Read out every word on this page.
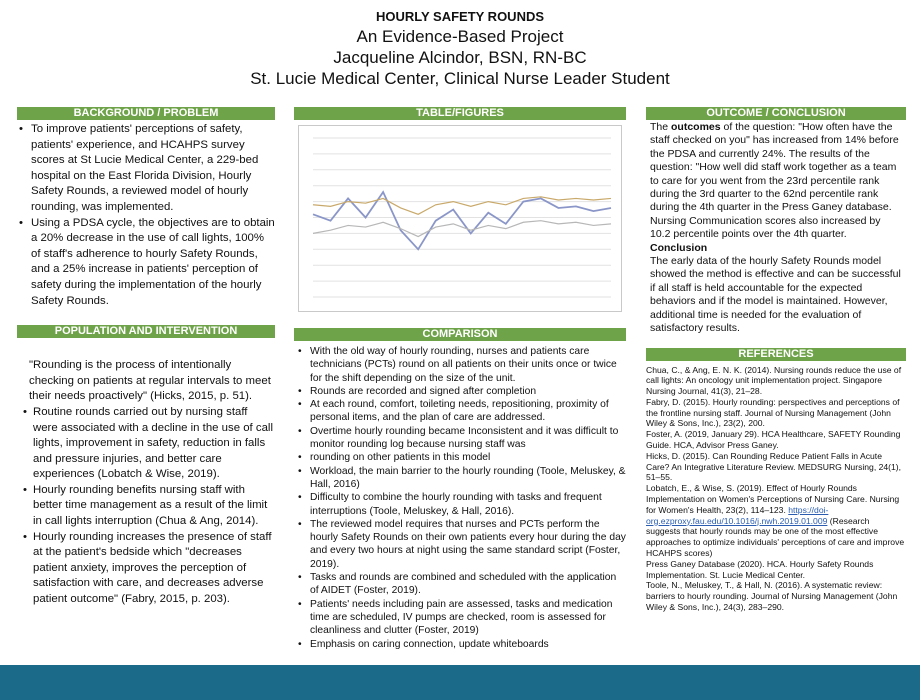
HOURLY SAFETY ROUNDS
An Evidence-Based Project
Jacqueline Alcindor, BSN, RN-BC
St. Lucie Medical Center, Clinical Nurse Leader Student
BACKGROUND / PROBLEM
• To improve patients' perceptions of safety, patients' experience, and HCAHPS survey scores at St Lucie Medical Center, a 229-bed hospital on the East Florida Division, Hourly Safety Rounds, a reviewed model of hourly rounding, was implemented.
• Using a PDSA cycle, the objectives are to obtain a 20% decrease in the use of call lights, 100% of staff's adherence to hourly Safety Rounds, and a 25% increase in patients' perception of safety during the implementation of the hourly Safety Rounds.
POPULATION AND INTERVENTION
"Rounding is the process of intentionally checking on patients at regular intervals to meet their needs proactively" (Hicks, 2015, p. 51).
• Routine rounds carried out by nursing staff were associated with a decline in the use of call lights, improvement in safety, reduction in falls and pressure injuries, and better care experiences (Lobatch & Wise, 2019).
• Hourly rounding benefits nursing staff with better time management as a result of the limit in call lights interruption (Chua & Ang, 2014).
• Hourly rounding increases the presence of staff at the patient's bedside which "decreases patient anxiety, improves the perception of satisfaction with care, and decreases adverse patient outcome" (Fabry, 2015, p. 203).
TABLE/FIGURES
COMPARISON
• With the old way of hourly rounding, nurses and patients care technicians (PCTs) round on all patients on their units once or twice for the shift depending on the size of the unit.
• Rounds are recorded and signed after completion
• At each round, comfort, toileting needs, repositioning, proximity of personal items, and the plan of care are addressed.
• Overtime hourly rounding became Inconsistent and it was difficult to monitor rounding log because nursing staff was
• rounding on other patients in this model
• Workload, the main barrier to the hourly rounding (Toole, Meluskey, & Hall, 2016)
• Difficulty to combine the hourly rounding with tasks and frequent interruptions (Toole, Meluskey, & Hall, 2016).
• The reviewed model requires that nurses and PCTs perform the hourly Safety Rounds on their own patients every hour during the day and every two hours at night using the same standard script (Foster, 2019).
• Tasks and rounds are combined and scheduled with the application of AIDET (Foster, 2019).
• Patients' needs including pain are assessed, tasks and medication time are scheduled, IV pumps are checked, room is assessed for cleanliness and clutter (Foster, 2019)
• Emphasis on caring connection, update whiteboards
OUTCOME / CONCLUSION
The outcomes of the question: "How often have the staff checked on you" has increased from 14% before the PDSA and currently 24%. The results of the question: "How well did staff work together as a team to care for you went from the 23rd percentile rank during the 3rd quarter to the 62nd percentile rank during the 4th quarter in the Press Ganey database. Nursing Communication scores also increased by 10.2 percentile points over the 4th quarter.
Conclusion
The early data of the hourly Safety Rounds model showed the method is effective and can be successful if all staff is held accountable for the expected behaviors and if the model is maintained. However, additional time is needed for the evaluation of satisfactory results.
REFERENCES

Chua, C., & Ang, E. N. K. (2014). Nursing rounds reduce the use of call lights: An oncology unit implementation project. Singapore Nursing Journal, 41(3), 21–28.

Fabry, D. (2015). Hourly rounding: perspectives and perceptions of the frontline nursing staff. Journal of Nursing Management (John Wiley & Sons, Inc.), 23(2), 200.

Foster, A. (2019, January 29). HCA Healthcare, SAFETY Rounding Guide. HCA, Advisor Press Ganey.

Hicks, D. (2015). Can Rounding Reduce Patient Falls in Acute Care? An Integrative Literature Review. MEDSURG Nursing, 24(1), 51–55.

Lobatch, E., & Wise, S. (2019). Effect of Hourly Rounds Implementation on Women's Perceptions of Nursing Care. Nursing for Women's Health, 23(2), 114–123. https://doi-org.ezproxy.fau.edu/10.1016/j.nwh.2019.01.009 (Research suggests that hourly rounds may be one of the most effective approaches to optimize individuals' perceptions of care and improve HCAHPS scores)

Press Ganey Database (2020). HCA. Hourly Safety Rounds Implementation. St. Lucie Medical Center.

Toole, N., Meluskey, T., & Hall, N. (2016). A systematic review: barriers to hourly rounding. Journal of Nursing Management (John Wiley & Sons, Inc.), 24(3), 283–290.
